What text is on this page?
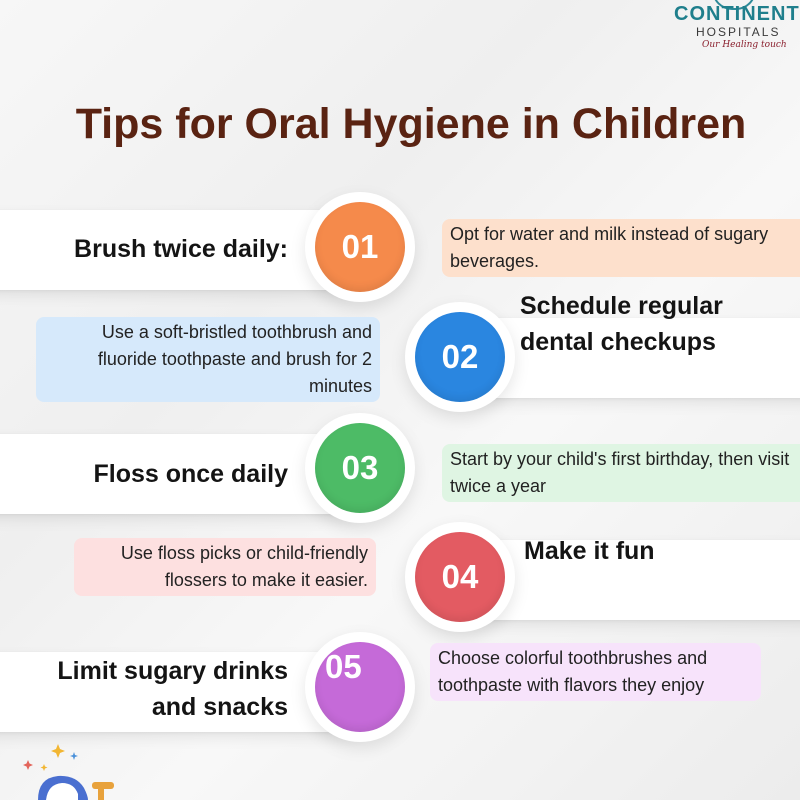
CONTINENT
HOSPITALS
Our Healing touch
Tips for Oral Hygiene in Children
01
02
03
04
05
Brush twice daily:
Schedule regular dental checkups
Floss once daily
Make it fun
Limit sugary drinks and snacks
Opt for water and milk instead of sugary beverages.
Use a soft-bristled toothbrush and fluoride toothpaste and brush for 2 minutes
Start by your child's first birthday, then visit twice a year
Use floss picks or child-friendly flossers to make it easier.
Choose colorful toothbrushes and toothpaste with flavors they enjoy
